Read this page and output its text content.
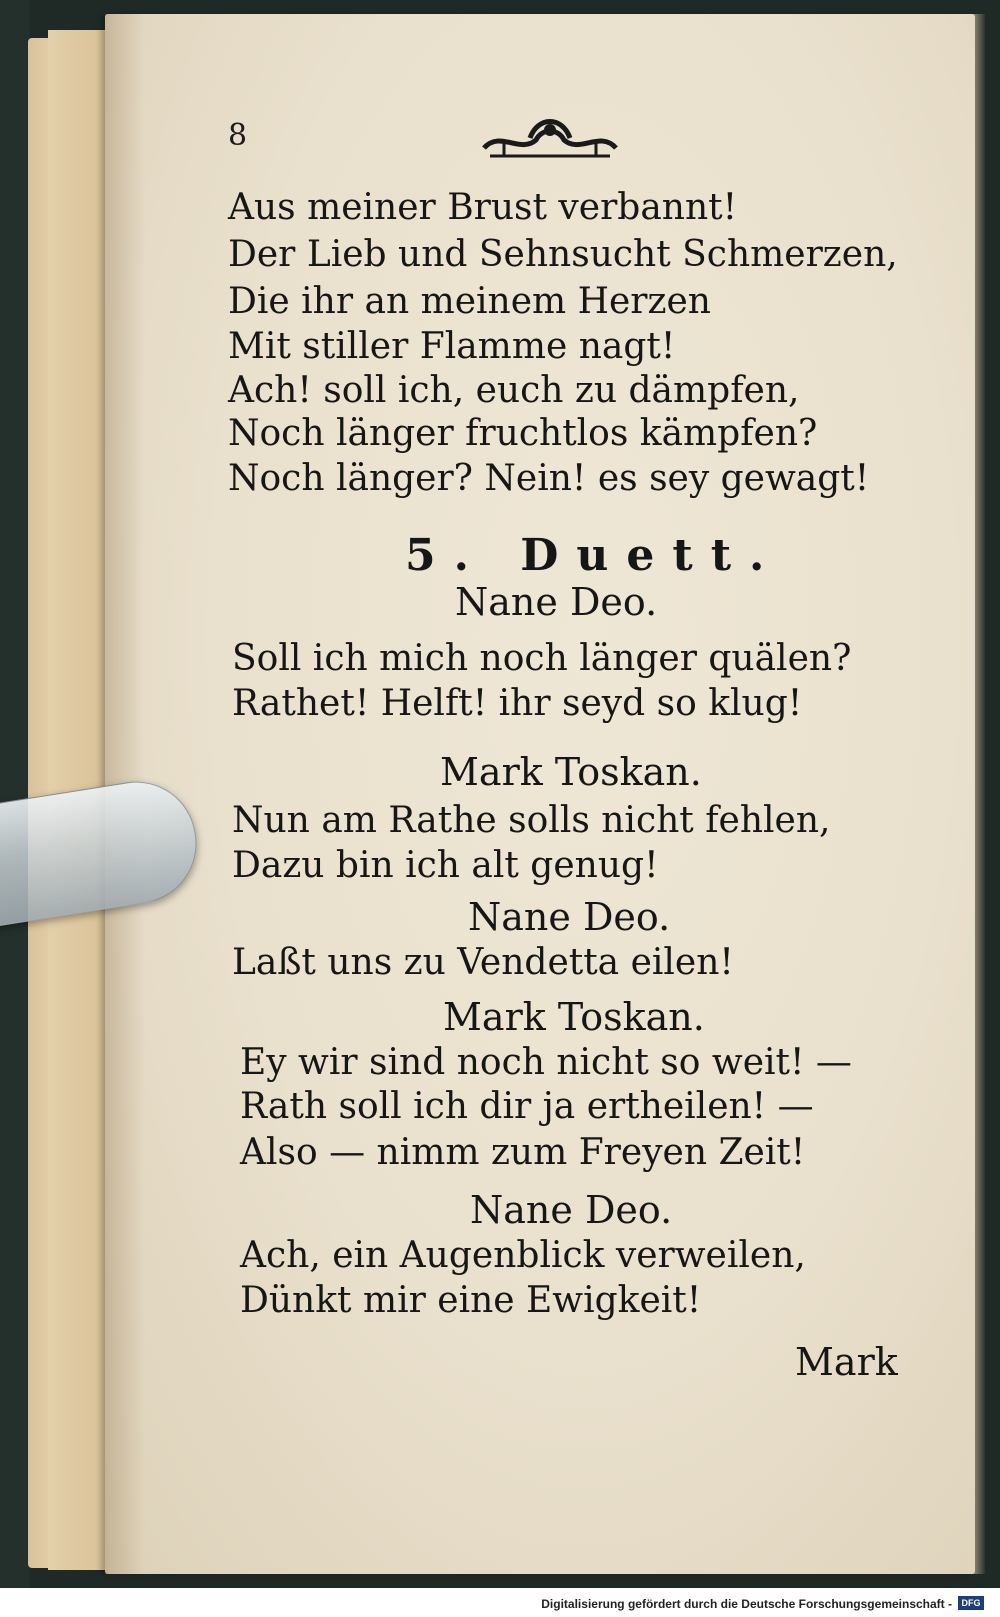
8
Aus meiner Brust verbannt!
Der Lieb und Sehnsucht Schmerzen,
Die ihr an meinem Herzen
Mit stiller Flamme nagt!
Ach! soll ich, euch zu dämpfen,
Noch länger fruchtlos kämpfen?
Noch länger? Nein! es sey gewagt!
5. Duett.
Nane Deo.
Soll ich mich noch länger quälen?
Rathet! Helft! ihr seyd so klug!
Mark Toskan.
Nun am Rathe solls nicht fehlen,
Dazu bin ich alt genug!
Nane Deo.
Laßt uns zu Vendetta eilen!
Mark Toskan.
Ey wir sind noch nicht so weit! —
Rath soll ich dir ja ertheilen! —
Also — nimm zum Freyen Zeit!
Nane Deo.
Ach, ein Augenblick verweilen,
Dünkt mir eine Ewigkeit!
Mark
Digitalisierung gefördert durch die Deutsche Forschungsgemeinschaft -	DFG
